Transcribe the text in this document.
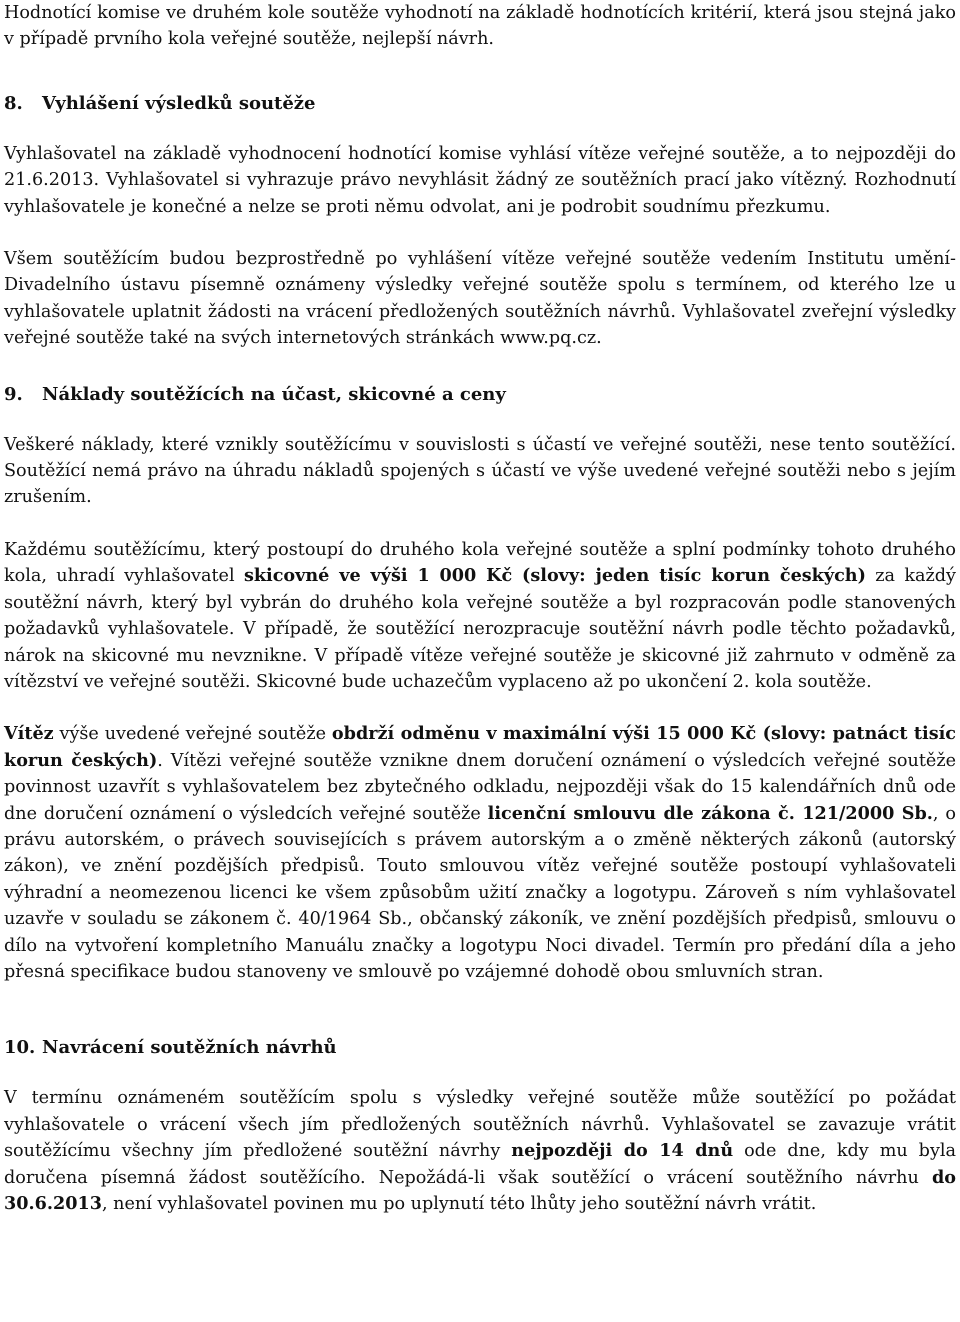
Hodnotící komise ve druhém kole soutěže vyhodnotí na základě hodnotících kritérií, která jsou stejná jako v případě prvního kola veřejné soutěže, nejlepší návrh.

8. Vyhlášení výsledků soutěže

Vyhlašovatel na základě vyhodnocení hodnotící komise vyhlásí vítěze veřejné soutěže, a to nejpozději do 21.6.2013. Vyhlašovatel si vyhrazuje právo nevyhlásit žádný ze soutěžních prací jako vítězný. Rozhodnutí vyhlašovatele je konečné a nelze se proti němu odvolat, ani je podrobit soudnímu přezkumu.

Všem soutěžícím budou bezprostředně po vyhlášení vítěze veřejné soutěže vedením Institutu umění-Divadelního ústavu písemně oznámeny výsledky veřejné soutěže spolu s termínem, od kterého lze u vyhlašovatele uplatnit žádosti na vrácení předložených soutěžních návrhů. Vyhlašovatel zveřejní výsledky veřejné soutěže také na svých internetových stránkách www.pq.cz.

9. Náklady soutěžících na účast, skicovné a ceny

Veškeré náklady, které vznikly soutěžícímu v souvislosti s účastí ve veřejné soutěži, nese tento soutěžící. Soutěžící nemá právo na úhradu nákladů spojených s účastí ve výše uvedené veřejné soutěži nebo s jejím zrušením.

Každému soutěžícímu, který postoupí do druhého kola veřejné soutěže a splní podmínky tohoto druhého kola, uhradí vyhlašovatel skicovné ve výši 1 000 Kč (slovy: jeden tisíc korun českých) za každý soutěžní návrh, který byl vybrán do druhého kola veřejné soutěže a byl rozpracován podle stanovených požadavků vyhlašovatele. V případě, že soutěžící nerozpracuje soutěžní návrh podle těchto požadavků, nárok na skicovné mu nevznikne. V případě vítěze veřejné soutěže je skicovné již zahrnuto v odměně za vítězství ve veřejné soutěži. Skicovné bude uchazečům vyplaceno až po ukončení 2. kola soutěže.

Vítěz výše uvedené veřejné soutěže obdrží odměnu v maximální výši 15 000 Kč (slovy: patnáct tisíc korun českých). Vítězi veřejné soutěže vznikne dnem doručení oznámení o výsledcích veřejné soutěže povinnost uzavřít s vyhlašovatelem bez zbytečného odkladu, nejpozději však do 15 kalendářních dnů ode dne doručení oznámení o výsledcích veřejné soutěže licenční smlouvu dle zákona č. 121/2000 Sb., o právu autorském, o právech souvisejících s právem autorským a o změně některých zákonů (autorský zákon), ve znění pozdějších předpisů. Touto smlouvou vítěz veřejné soutěže postoupí vyhlašovateli výhradní a neomezenou licenci ke všem způsobům užití značky a logotypu. Zároveň s ním vyhlašovatel uzavře v souladu se zákonem č. 40/1964 Sb., občanský zákoník, ve znění pozdějších předpisů, smlouvu o dílo na vytvoření kompletního Manuálu značky a logotypu Noci divadel. Termín pro předání díla a jeho přesná specifikace budou stanoveny ve smlouvě po vzájemné dohodě obou smluvních stran.

10. Navrácení soutěžních návrhů

V termínu oznámeném soutěžícím spolu s výsledky veřejné soutěže může soutěžící po požádat vyhlašovatele o vrácení všech jím předložených soutěžních návrhů. Vyhlašovatel se zavazuje vrátit soutěžícímu všechny jím předložené soutěžní návrhy nejpozději do 14 dnů ode dne, kdy mu byla doručena písemná žádost soutěžícího. Nepožádá-li však soutěžící o vrácení soutěžního návrhu do 30.6.2013, není vyhlašovatel povinen mu po uplynutí této lhůty jeho soutěžní návrh vrátit.
